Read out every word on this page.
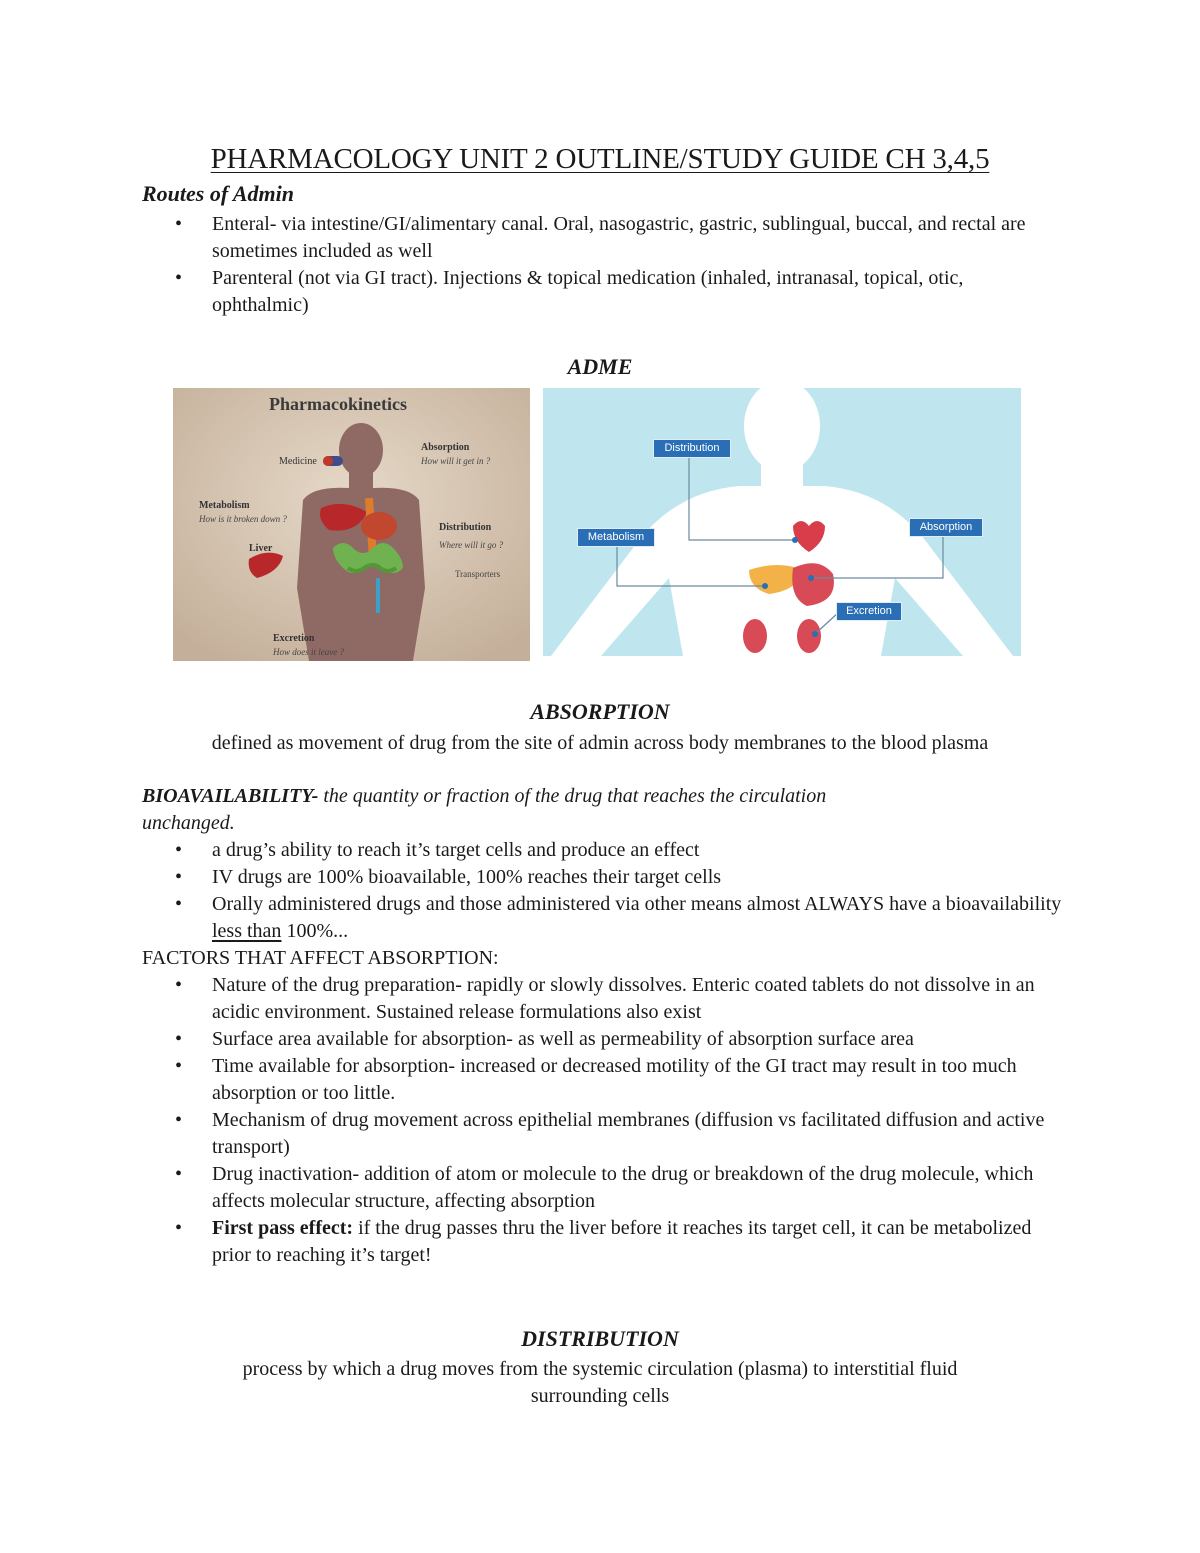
PHARMACOLOGY UNIT 2 OUTLINE/STUDY GUIDE CH 3,4,5
Routes of Admin
• Enteral- via intestine/GI/alimentary canal. Oral, nasogastric, gastric, sublingual, buccal, and rectal are sometimes included as well
• Parenteral (not via GI tract). Injections & topical medication (inhaled, intranasal, topical, otic, ophthalmic)
ADME
Pharmacokinetics
Medicine
Absorption
How will it get in ?
Metabolism
How is it broken down ?
Liver
Distribution
Where will it go ?
Transporters
Excretion
How does it leave ?
Distribution
Metabolism
Absorption
Excretion
ABSORPTION
defined as movement of drug from the site of admin across body membranes to the blood plasma
BIOAVAILABILITY- the quantity or fraction of the drug that reaches the circulation
unchanged.
• a drug’s ability to reach it’s target cells and produce an effect
• IV drugs are 100% bioavailable, 100% reaches their target cells
• Orally administered drugs and those administered via other means almost ALWAYS have a bioavailability less than 100%...
FACTORS THAT AFFECT ABSORPTION:
• Nature of the drug preparation- rapidly or slowly dissolves. Enteric coated tablets do not dissolve in an acidic environment. Sustained release formulations also exist
• Surface area available for absorption- as well as permeability of absorption surface area
• Time available for absorption- increased or decreased motility of the GI tract may result in too much absorption or too little.
• Mechanism of drug movement across epithelial membranes (diffusion vs facilitated diffusion and active transport)
• Drug inactivation- addition of atom or molecule to the drug or breakdown of the drug molecule, which affects molecular structure, affecting absorption
• First pass effect: if the drug passes thru the liver before it reaches its target cell, it can be metabolized prior to reaching it’s target!
DISTRIBUTION
process by which a drug moves from the systemic circulation (plasma) to interstitial fluid
surrounding cells
